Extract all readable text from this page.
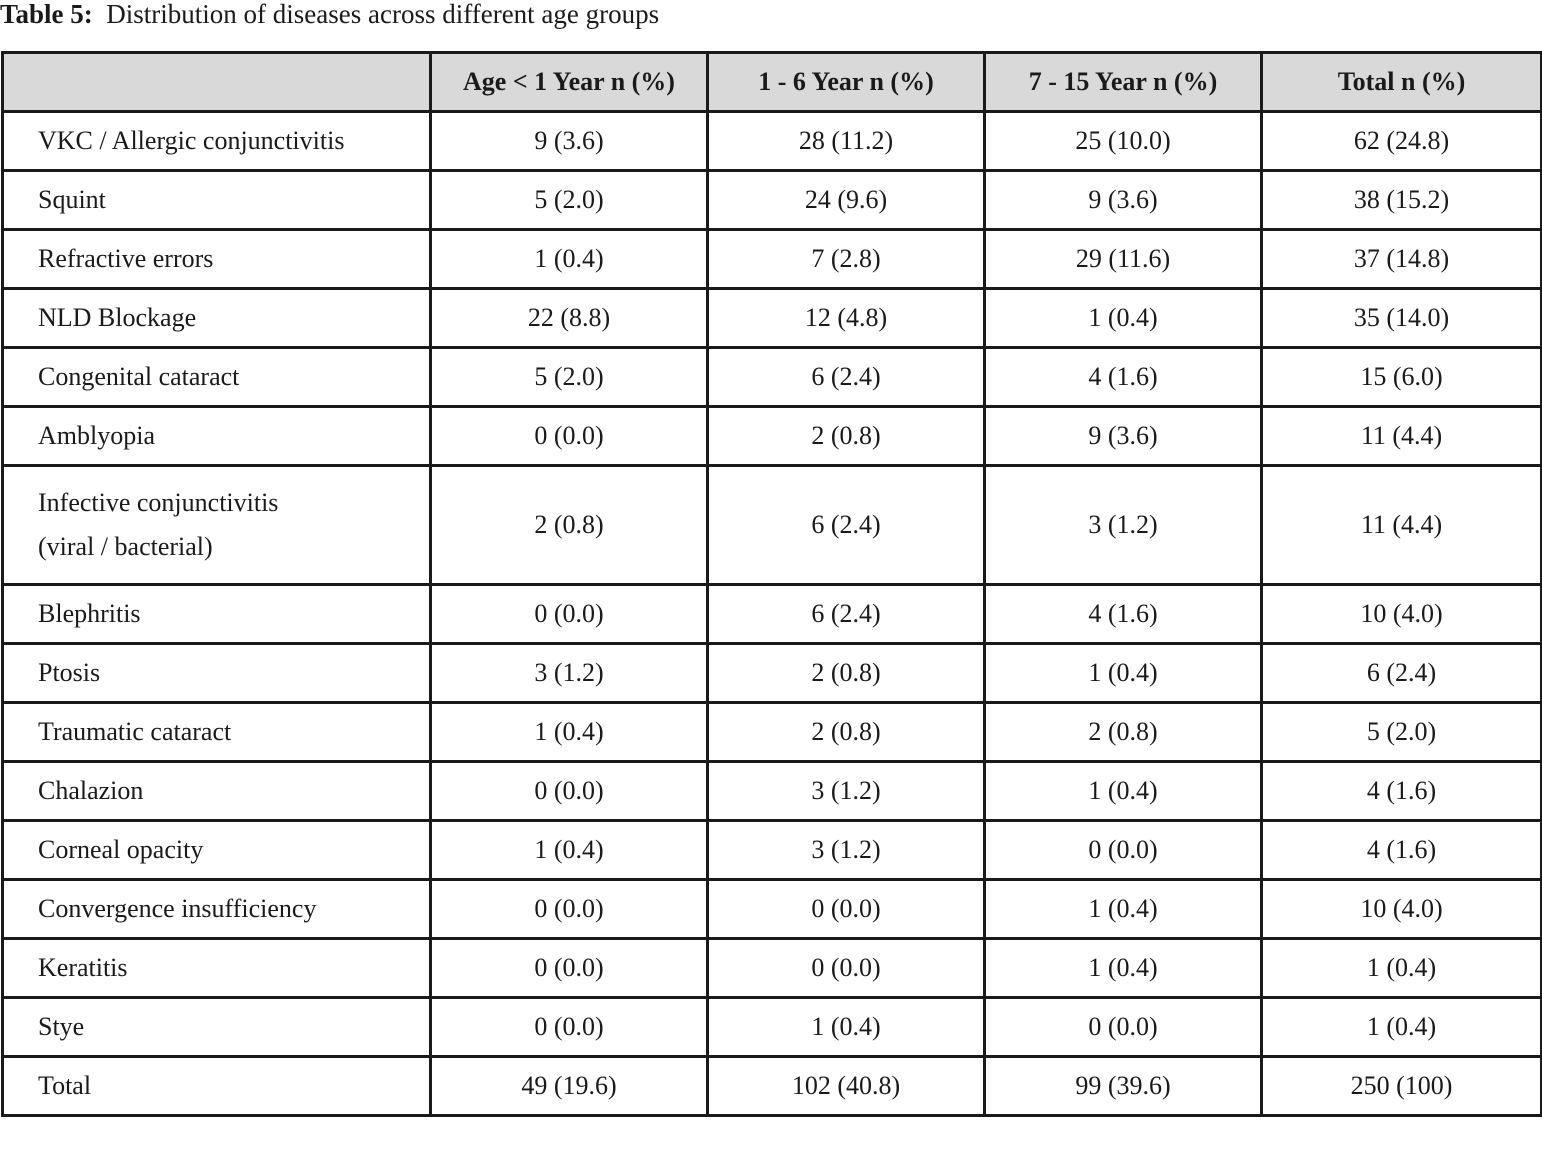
Table 5: Distribution of diseases across different age groups
	Age < 1 Year n (%)	1 - 6 Year n (%)	7 - 15 Year n (%)	Total n (%)
VKC / Allergic conjunctivitis	9 (3.6)	28 (11.2)	25 (10.0)	62 (24.8)
Squint	5 (2.0)	24 (9.6)	9 (3.6)	38 (15.2)
Refractive errors	1 (0.4)	7 (2.8)	29 (11.6)	37 (14.8)
NLD Blockage	22 (8.8)	12 (4.8)	1 (0.4)	35 (14.0)
Congenital cataract	5 (2.0)	6 (2.4)	4 (1.6)	15 (6.0)
Amblyopia	0 (0.0)	2 (0.8)	9 (3.6)	11 (4.4)
Infective conjunctivitis
(viral / bacterial)	2 (0.8)	6 (2.4)	3 (1.2)	11 (4.4)
Blephritis	0 (0.0)	6 (2.4)	4 (1.6)	10 (4.0)
Ptosis	3 (1.2)	2 (0.8)	1 (0.4)	6 (2.4)
Traumatic cataract	1 (0.4)	2 (0.8)	2 (0.8)	5 (2.0)
Chalazion	0 (0.0)	3 (1.2)	1 (0.4)	4 (1.6)
Corneal opacity	1 (0.4)	3 (1.2)	0 (0.0)	4 (1.6)
Convergence insufficiency	0 (0.0)	0 (0.0)	1 (0.4)	10 (4.0)
Keratitis	0 (0.0)	0 (0.0)	1 (0.4)	1 (0.4)
Stye	0 (0.0)	1 (0.4)	0 (0.0)	1 (0.4)
Total	49 (19.6)	102 (40.8)	99 (39.6)	250 (100)
